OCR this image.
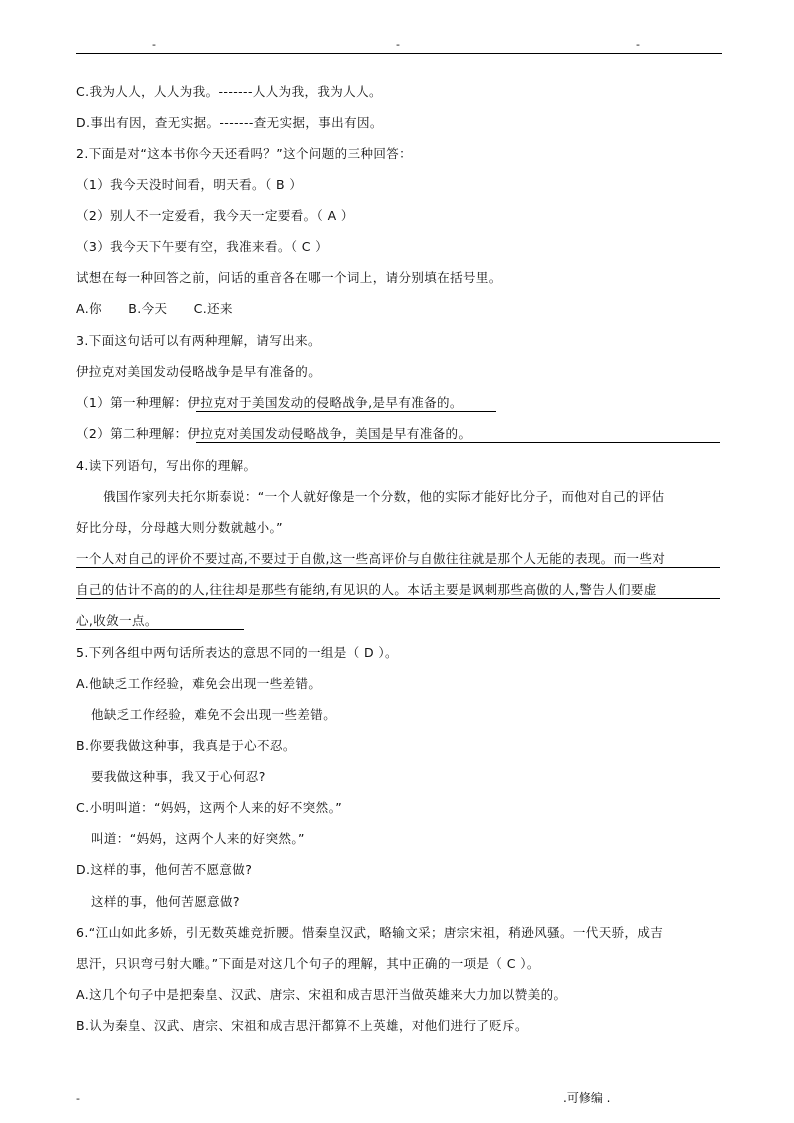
-	-	-
C.我为人人，人人为我。-------人人为我，我为人人。
D.事出有因，查无实据。-------查无实据，事出有因。
2.下面是对“这本书你今天还看吗？”这个问题的三种回答：
（1）我今天没时间看，明天看。（ B ）
（2）别人不一定爱看，我今天一定要看。（ A ）
（3）我今天下午要有空，我准来看。（ C ）
试想在每一种回答之前，问话的重音各在哪一个词上，请分别填在括号里。
A.你      B.今天      C.还来
3.下面这句话可以有两种理解，请写出来。
伊拉克对美国发动侵略战争是早有准备的。
（1）第一种理解：伊拉克对于美国发动的侵略战争,是早有准备的。
（2）第二种理解：伊拉克对美国发动侵略战争，美国是早有准备的。
4.读下列语句，写出你的理解。
俄国作家列夫托尔斯泰说：“一个人就好像是一个分数，他的实际才能好比分子，而他对自己的评估
好比分母，分母越大则分数就越小。”
一个人对自己的评价不要过高,不要过于自傲,这一些高评价与自傲往往就是那个人无能的表现。而一些对
自己的估计不高的的人,往往却是那些有能纳,有见识的人。本话主要是讽刺那些高傲的人,警告人们要虚
心,收敛一点。
5.下列各组中两句话所表达的意思不同的一组是（ D ）。
A.他缺乏工作经验，难免会出现一些差错。
他缺乏工作经验，难免不会出现一些差错。
B.你要我做这种事，我真是于心不忍。
要我做这种事，我又于心何忍?
C.小明叫道：“妈妈，这两个人来的好不突然。”
叫道：“妈妈，这两个人来的好突然。”
D.这样的事，他何苦不愿意做?
这样的事，他何苦愿意做?
6.“江山如此多娇，引无数英雄竞折腰。惜秦皇汉武，略输文采；唐宗宋祖，稍逊风骚。一代天骄，成吉
思汗，只识弯弓射大雕。”下面是对这几个句子的理解，其中正确的一项是（ C ）。
A.这几个句子中是把秦皇、汉武、唐宗、宋祖和成吉思汗当做英雄来大力加以赞美的。
B.认为秦皇、汉武、唐宗、宋祖和成吉思汗都算不上英雄，对他们进行了贬斥。
-	.可修编 .
